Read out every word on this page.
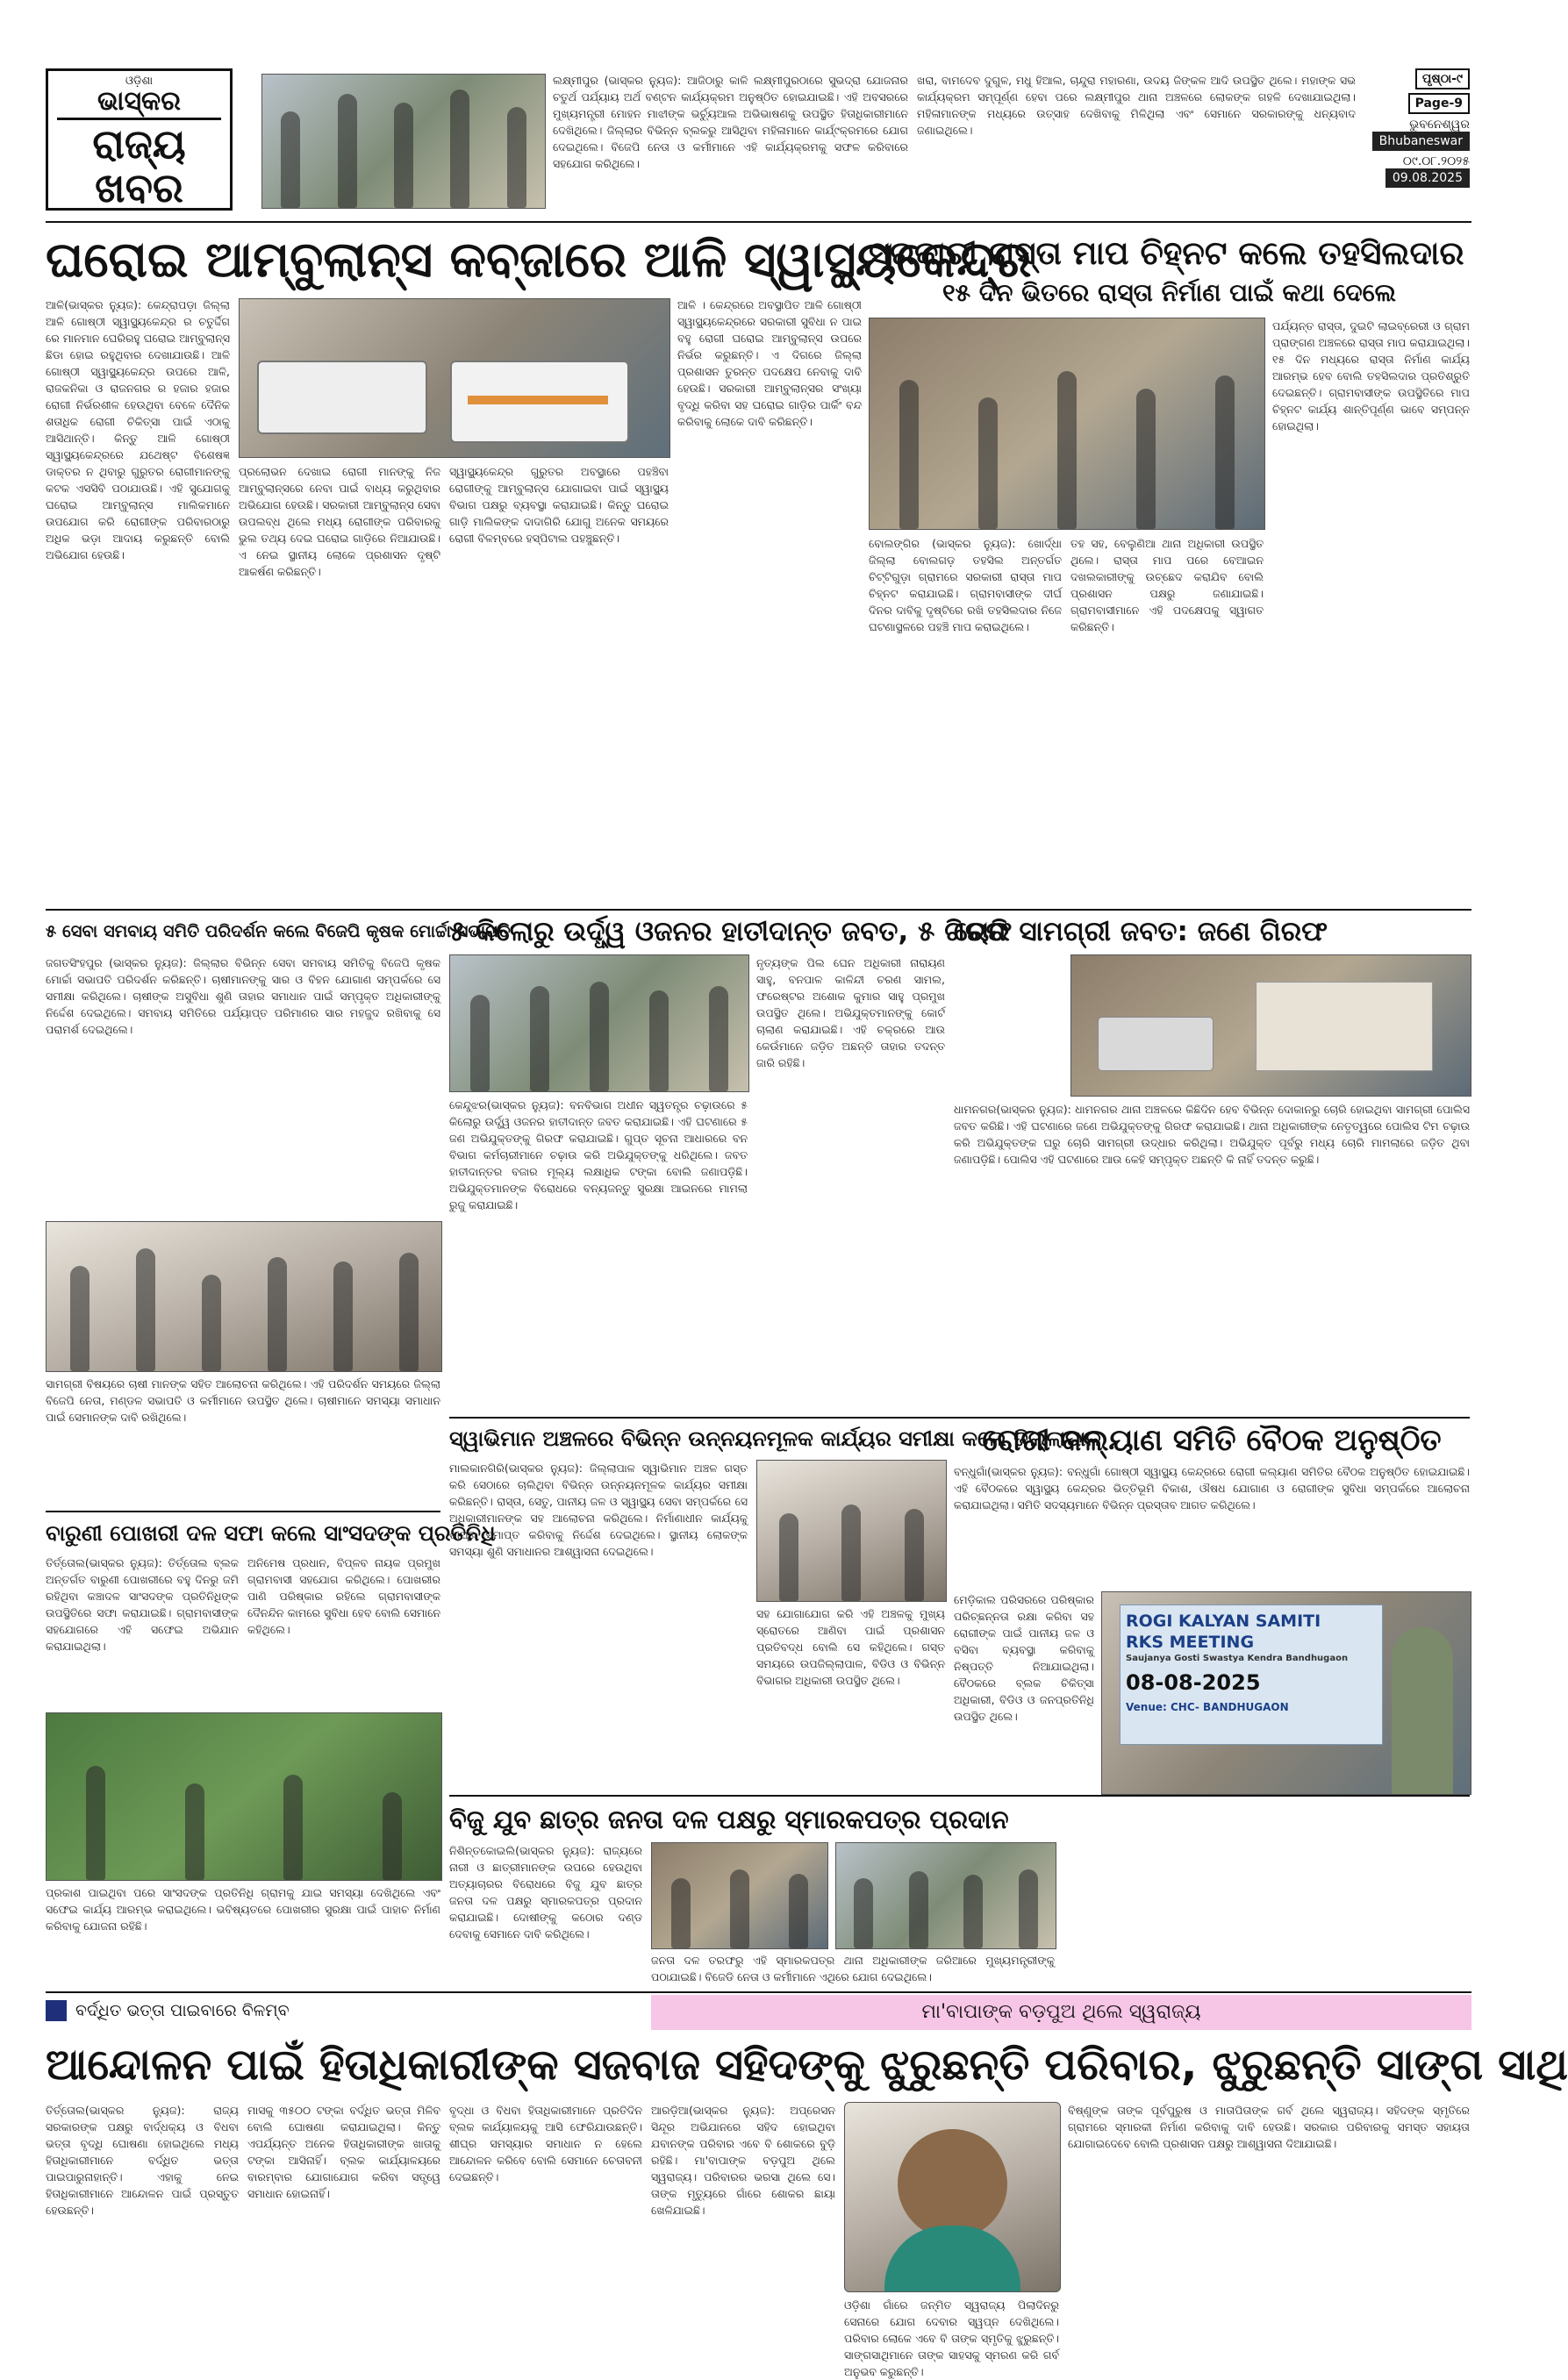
ଓଡ଼ିଶା
ଭାସ୍କର
ରାଜ୍ୟ ଖବର
ଲକ୍ଷ୍ମୀପୁର (ଭାସ୍କର ନ୍ୟୁଜ): ଆଜିଠାରୁ କାଳି ଲକ୍ଷ୍ମୀପୁରଠାରେ ସୁଭଦ୍ରା ଯୋଜନାର ଚତୁର୍ଥ ପର୍ଯ୍ୟାୟ ଅର୍ଥ ବଣ୍ଟନ କାର୍ଯ୍ୟକ୍ରମ ଅନୁଷ୍ଠିତ ହୋଇଯାଇଛି। ଏହି ଅବସରରେ ମୁଖ୍ୟମନ୍ତ୍ରୀ ମୋହନ ମାଝୀଙ୍କ ଭର୍ଚ୍ୟୁଆଲ ଅଭିଭାଷଣକୁ ଉପସ୍ଥିତ ହିତାଧିକାରୀମାନେ ଦେଖିଥିଲେ। ଜିଲ୍ଲାର ବିଭିନ୍ନ ବ୍ଲକରୁ ଆସିଥିବା ମହିଳାମାନେ କାର୍ଯ୍୯କ୍ରମରେ ଯୋଗ ଦେଇଥିଲେ। ବିଜେପି ନେତା ଓ କର୍ମୀମାନେ ଏହି କାର୍ଯ୍ୟକ୍ରମକୁ ସଫଳ କରିବାରେ ସହଯୋଗ କରିଥିଲେ।
ଖରା, ବାମଦେବ ଦୁଗୁଳ, ମଧୁ ହିଆଲ, ଚାନ୍ଦୁରା ମହାରଣା, ଉଦୟ ଜିଙ୍କଳ ଆଦି ଉପସ୍ଥିତ ଥିଲେ। ମହାଙ୍କ ସଭ କାର୍ଯ୍ୟକ୍ରମ ସମ୍ପୂର୍ଣ୍ଣ ହେବା ପରେ ଲକ୍ଷ୍ମୀପୁର ଥାନା ଅଞ୍ଚଳରେ ଲୋକଙ୍କ ଗହଳି ଦେଖାଯାଇଥିଲା। ମହିଳାମାନଙ୍କ ମଧ୍ୟରେ ଉତ୍ସାହ ଦେଖିବାକୁ ମିଳିଥିଲା ଏବଂ ସେମାନେ ସରକାରଙ୍କୁ ଧନ୍ୟବାଦ ଜଣାଇଥିଲେ।
ପୃଷ୍ଠା-୯
Page-9
ଭୁବନେଶ୍ୱର
Bhubaneswar
୦୯.୦୮.୨୦୨୫
09.08.2025
ଘରୋଇ ଆମ୍ବୁଲାନ୍ସ କବ୍ଜାରେ ଆଳି ସ୍ୱାସ୍ଥ୍ୟକେନ୍ଦ୍ର
ଆଳି(ଭାସ୍କର ନ୍ୟୁଜ): କେନ୍ଦ୍ରାପଡ଼ା ଜିଲ୍ଲା ଆଳି ଗୋଷ୍ଠୀ ସ୍ୱାସ୍ଥ୍ୟକେନ୍ଦ୍ର ର ଚତୁର୍ଦ୍ଦିଗ ରେ ମାନମାନ ଘେରିରହୁ ଘରୋଇ ଆମ୍ବୁଲାନ୍ସ ଛିଡା ହୋଇ ରହୁଥିବାର ଦେଖାଯାଉଛି। ଆଳି ଗୋଷ୍ଠୀ ସ୍ୱାସ୍ଥ୍ୟକେନ୍ଦ୍ର ଉପରେ ଆଳି, ରାଜକନିକା ଓ ରାଜନଗର ର ହଜାର ହଜାର ରୋଗୀ ନିର୍ଭରଶୀଳ ହେଉଥିବା ବେଳେ ଦୈନିକ ଶତାଧିକ ରୋଗୀ ଚିକିତ୍ସା ପାଇଁ ଏଠାକୁ ଆସିଥାନ୍ତି। କିନ୍ତୁ ଆଳି ଗୋଷ୍ଠୀ ସ୍ୱାସ୍ଥ୍ୟକେନ୍ଦ୍ରରେ ଯଥେଷ୍ଟ ବିଶେଷଜ୍ଞ ଡାକ୍ତର ନ ଥିବାରୁ ଗୁରୁତର ରୋଗୀମାନଙ୍କୁ କଟକ ଏସସିବି ପଠାଯାଉଛି। ଏହି ସୁଯୋଗକୁ ଘରୋଇ ଆମ୍ବୁଲାନ୍ସ ମାଲିକମାନେ ଉପଯୋଗ କରି ରୋଗୀଙ୍କ ପରିବାରଠାରୁ ଅଧିକ ଭଡ଼ା ଆଦାୟ କରୁଛନ୍ତି ବୋଲି ଅଭିଯୋଗ ହେଉଛି।
ପ୍ରଲୋଭନ ଦେଖାଇ ରୋଗୀ ମାନଙ୍କୁ ନିଜ ଆମ୍ବୁଲାନ୍ସରେ ନେବା ପାଇଁ ବାଧ୍ୟ କରୁଥିବାର ଅଭିଯୋଗ ହେଉଛି। ସରକାରୀ ଆମ୍ବୁଲାନ୍ସ ସେବା ଉପଲବ୍ଧ ଥିଲେ ମଧ୍ୟ ରୋଗୀଙ୍କ ପରିବାରକୁ ଭୁଲ ତଥ୍ୟ ଦେଇ ଘରୋଇ ଗାଡ଼ିରେ ନିଆଯାଉଛି। ଏ ନେଇ ସ୍ଥାନୀୟ ଲୋକେ ପ୍ରଶାସନ ଦୃଷ୍ଟି ଆକର୍ଷଣ କରିଛନ୍ତି।
ସ୍ୱାସ୍ଥ୍ୟକେନ୍ଦ୍ର ଗୁରୁତର ଅବସ୍ଥାରେ ପହଞ୍ଚିବା ରୋଗୀଙ୍କୁ ଆମ୍ବୁଲାନ୍ସ ଯୋଗାଇବା ପାଇଁ ସ୍ୱାସ୍ଥ୍ୟ ବିଭାଗ ପକ୍ଷରୁ ବ୍ୟବସ୍ଥା କରାଯାଇଛି। କିନ୍ତୁ ଘରୋଇ ଗାଡ଼ି ମାଲିକଙ୍କ ଦାଦାଗିରି ଯୋଗୁ ଅନେକ ସମୟରେ ରୋଗୀ ବିଳମ୍ବରେ ହସ୍ପିଟାଲ ପହଞ୍ଚୁଛନ୍ତି।
ଆଳି । କେନ୍ଦ୍ରରେ ଅବସ୍ଥାପିତ ଆଳି ଗୋଷ୍ଠୀ ସ୍ୱାସ୍ଥ୍ୟକେନ୍ଦ୍ରରେ ସରକାରୀ ସୁବିଧା ନ ପାଇ ବହୁ ରୋଗୀ ଘରୋଇ ଆମ୍ବୁଲାନ୍ସ ଉପରେ ନିର୍ଭର କରୁଛନ୍ତି। ଏ ଦିଗରେ ଜିଲ୍ଲା ପ୍ରଶାସନ ତୁରନ୍ତ ପଦକ୍ଷେପ ନେବାକୁ ଦାବି ହେଉଛି। ସରକାରୀ ଆମ୍ବୁଲାନ୍ସର ସଂଖ୍ୟା ବୃଦ୍ଧି କରିବା ସହ ଘରୋଇ ଗାଡ଼ିର ପାର୍କିଂ ବନ୍ଦ କରିବାକୁ ଲୋକେ ଦାବି କରିଛନ୍ତି।
ସରକାରୀ ରାସ୍ତା ମାପ ଚିହ୍ନଟ କଲେ ତହସିଲଦାର
୧୫ ଦିନ ଭିତରେ ରାସ୍ତା ନିର୍ମାଣ ପାଇଁ କଥା ଦେଲେ
ବୋଲଙ୍ଗିର (ଭାସ୍କର ନ୍ୟୁଜ): ଖୋର୍ଦ୍ଧା ଜିଲ୍ଲା ବୋଲଗଡ଼ ତହସିଲ ଅନ୍ତର୍ଗତ ଚିଟ୍ଟିଗୁଡ଼ା ଗ୍ରାମରେ ସରକାରୀ ରାସ୍ତା ମାପ ଚିହ୍ନଟ କରାଯାଇଛି। ଗ୍ରାମବାସୀଙ୍କ ଦୀର୍ଘ ଦିନର ଦାବିକୁ ଦୃଷ୍ଟିରେ ରଖି ତହସିଲଦାର ନିଜେ ଘଟଣାସ୍ଥଳରେ ପହଞ୍ଚି ମାପ କରାଇଥିଲେ।
ତହ ସହ, ବେଲୁଣିଆ ଥାନା ଅଧିକାରୀ ଉପସ୍ଥିତ ଥିଲେ। ରାସ୍ତା ମାପ ପରେ ବେଆଇନ ଦଖଲକାରୀଙ୍କୁ ଉଚ୍ଛେଦ କରାଯିବ ବୋଲି ପ୍ରଶାସନ ପକ୍ଷରୁ ଜଣାଯାଇଛି। ଗ୍ରାମବାସୀମାନେ ଏହି ପଦକ୍ଷେପକୁ ସ୍ୱାଗତ କରିଛନ୍ତି।
ପର୍ଯ୍ୟନ୍ତ ରାସ୍ତା, ଦୁଇଟି ଲାଇବ୍ରେରୀ ଓ ଗ୍ରାମ ପ୍ରାଙ୍ଗଣ ଅଞ୍ଚଳରେ ରାସ୍ତା ମାପ କରାଯାଇଥିଲା। ୧୫ ଦିନ ମଧ୍ୟରେ ରାସ୍ତା ନିର୍ମାଣ କାର୍ଯ୍ୟ ଆରମ୍ଭ ହେବ ବୋଲି ତହସିଲଦାର ପ୍ରତିଶ୍ରୁତି ଦେଇଛନ୍ତି। ଗ୍ରାମବାସୀଙ୍କ ଉପସ୍ଥିତିରେ ମାପ ଚିହ୍ନଟ କାର୍ଯ୍ୟ ଶାନ୍ତିପୂର୍ଣ୍ଣ ଭାବେ ସମ୍ପନ୍ନ ହୋଇଥିଲା।
୫ ସେବା ସମବାୟ ସମିତି ପରିଦର୍ଶନ କଲେ ବିଜେପି କୃଷକ ମୋର୍ଚ୍ଚା ସଭାପତି
ଜଗତସିଂହପୁର (ଭାସ୍କର ନ୍ୟୁଜ): ଜିଲ୍ଲାର ବିଭିନ୍ନ ସେବା ସମବାୟ ସମିତିକୁ ବିଜେପି କୃଷକ ମୋର୍ଚ୍ଚା ସଭାପତି ପରିଦର୍ଶନ କରିଛନ୍ତି। ଚାଷୀମାନଙ୍କୁ ସାର ଓ ବିହନ ଯୋଗାଣ ସମ୍ପର୍କରେ ସେ ସମୀକ୍ଷା କରିଥିଲେ। ଚାଷୀଙ୍କ ଅସୁବିଧା ଶୁଣି ତାହାର ସମାଧାନ ପାଇଁ ସମ୍ପୃକ୍ତ ଅଧିକାରୀଙ୍କୁ ନିର୍ଦ୍ଦେଶ ଦେଇଥିଲେ। ସମବାୟ ସମିତିରେ ପର୍ଯ୍ୟାପ୍ତ ପରିମାଣର ସାର ମହଜୁଦ ରଖିବାକୁ ସେ ପରାମର୍ଶ ଦେଇଥିଲେ।
ସାମଗ୍ରୀ ବିଷୟରେ ଚାଷୀ ମାନଙ୍କ ସହିତ ଆଲୋଚନା କରିଥିଲେ। ଏହି ପରିଦର୍ଶନ ସମୟରେ ଜିଲ୍ଲା ବିଜେପି ନେତା, ମଣ୍ଡଳ ସଭାପତି ଓ କର୍ମୀମାନେ ଉପସ୍ଥିତ ଥିଲେ। ଚାଷୀମାନେ ସମସ୍ୟା ସମାଧାନ ପାଇଁ ସେମାନଙ୍କ ଦାବି ରଖିଥିଲେ।
୫ କିଲୋରୁ ଉର୍ଦ୍ଧ୍ୱ ଓଜନର ହାତୀଦାନ୍ତ ଜବତ, ୫ ଗିରଫ
କେନ୍ଦୁଝର(ଭାସ୍କର ନ୍ୟୁଜ): ବନବିଭାଗ ଅଧୀନ ସ୍ୱତନ୍ତ୍ର ଚଢ଼ାଉରେ ୫ କିଲୋରୁ ଉର୍ଦ୍ଧ୍ୱ ଓଜନର ହାତୀଦାନ୍ତ ଜବତ କରାଯାଇଛି। ଏହି ଘଟଣାରେ ୫ ଜଣ ଅଭିଯୁକ୍ତଙ୍କୁ ଗିରଫ କରାଯାଇଛି। ଗୁପ୍ତ ସୂଚନା ଆଧାରରେ ବନ ବିଭାଗ କର୍ମଚାରୀମାନେ ଚଢ଼ାଉ କରି ଅଭିଯୁକ୍ତଙ୍କୁ ଧରିଥିଲେ। ଜବତ ହାତୀଦାନ୍ତର ବଜାର ମୂଲ୍ୟ ଲକ୍ଷାଧିକ ଟଙ୍କା ବୋଲି ଜଣାପଡ଼ିଛି। ଅଭିଯୁକ୍ତମାନଙ୍କ ବିରୋଧରେ ବନ୍ୟଜନ୍ତୁ ସୁରକ୍ଷା ଆଇନରେ ମାମଲା ରୁଜୁ କରାଯାଇଛି।
ନୃତ୍ୟଙ୍କ ପିଲ ଘେନ ଅଧିକାରୀ ନାରାୟଣ ସାହୁ, ବନପାଳ କାଳିନ୍ଦୀ ଚରଣ ସାମଲ, ଫରେଷ୍ଟର ଅଶୋକ କୁମାର ସାହୁ ପ୍ରମୁଖ ଉପସ୍ଥିତ ଥିଲେ। ଅଭିଯୁକ୍ତମାନଙ୍କୁ କୋର୍ଟ ଚାଲାଣ କରାଯାଇଛି। ଏହି ଚକ୍ରରେ ଆଉ କେଉଁମାନେ ଜଡ଼ିତ ଅଛନ୍ତି ତାହାର ତଦନ୍ତ ଜାରି ରହିଛି।
ଚୋରି ସାମଗ୍ରୀ ଜବତ: ଜଣେ ଗିରଫ
ଧାମନଗର(ଭାସ୍କର ନ୍ୟୁଜ): ଧାମନଗର ଥାନା ଅଞ୍ଚଳରେ କିଛିଦିନ ହେବ ବିଭିନ୍ନ ଦୋକାନରୁ ଚୋରି ହୋଇଥିବା ସାମଗ୍ରୀ ପୋଲିସ ଜବତ କରିଛି। ଏହି ଘଟଣାରେ ଜଣେ ଅଭିଯୁକ୍ତଙ୍କୁ ଗିରଫ କରାଯାଇଛି। ଥାନା ଅଧିକାରୀଙ୍କ ନେତୃତ୍ୱରେ ପୋଲିସ ଟିମ ଚଢ଼ାଉ କରି ଅଭିଯୁକ୍ତଙ୍କ ଘରୁ ଚୋରି ସାମଗ୍ରୀ ଉଦ୍ଧାର କରିଥିଲା। ଅଭିଯୁକ୍ତ ପୂର୍ବରୁ ମଧ୍ୟ ଚୋରି ମାମଲାରେ ଜଡ଼ିତ ଥିବା ଜଣାପଡ଼ିଛି। ପୋଲିସ ଏହି ଘଟଣାରେ ଆଉ କେହି ସମ୍ପୃକ୍ତ ଅଛନ୍ତି କି ନାହିଁ ତଦନ୍ତ କରୁଛି।
ସ୍ୱାଭିମାନ ଅଞ୍ଚଳରେ ବିଭିନ୍ନ ଉନ୍ନୟନମୂଳକ କାର୍ଯ୍ୟର ସମୀକ୍ଷା କଲେ ଜିଲ୍ଲାପାଳ
ମାଲକାନଗିରି(ଭାସ୍କର ନ୍ୟୁଜ): ଜିଲ୍ଲାପାଳ ସ୍ୱାଭିମାନ ଅଞ୍ଚଳ ଗସ୍ତ କରି ସେଠାରେ ଚାଲିଥିବା ବିଭିନ୍ନ ଉନ୍ନୟନମୂଳକ କାର୍ଯ୍ୟର ସମୀକ୍ଷା କରିଛନ୍ତି। ରାସ୍ତା, ସେତୁ, ପାନୀୟ ଜଳ ଓ ସ୍ୱାସ୍ଥ୍ୟ ସେବା ସମ୍ପର୍କରେ ସେ ଅଧିକାରୀମାନଙ୍କ ସହ ଆଲୋଚନା କରିଥିଲେ। ନିର୍ମାଣାଧୀନ କାର୍ଯ୍ୟକୁ ଶୀଘ୍ର ସମାପ୍ତ କରିବାକୁ ନିର୍ଦ୍ଦେଶ ଦେଇଥିଲେ। ସ୍ଥାନୀୟ ଲୋକଙ୍କ ସମସ୍ୟା ଶୁଣି ସମାଧାନର ଆଶ୍ୱାସନା ଦେଇଥିଲେ।
ସହ ଯୋଗାଯୋଗ କରି ଏହି ଅଞ୍ଚଳକୁ ମୁଖ୍ୟ ସ୍ରୋତରେ ଆଣିବା ପାଇଁ ପ୍ରଶାସନ ପ୍ରତିବଦ୍ଧ ବୋଲି ସେ କହିଥିଲେ। ଗସ୍ତ ସମୟରେ ଉପଜିଲ୍ଲାପାଳ, ବିଡିଓ ଓ ବିଭିନ୍ନ ବିଭାଗର ଅଧିକାରୀ ଉପସ୍ଥିତ ଥିଲେ।
ରୋଗୀ କଲ୍ୟାଣ ସମିତି ବୈଠକ ଅନୁଷ୍ଠିତ
ବନ୍ଧୁଗାଁ(ଭାସ୍କର ନ୍ୟୁଜ): ବନ୍ଧୁଗାଁ ଗୋଷ୍ଠୀ ସ୍ୱାସ୍ଥ୍ୟ କେନ୍ଦ୍ରରେ ରୋଗୀ କଲ୍ୟାଣ ସମିତିର ବୈଠକ ଅନୁଷ୍ଠିତ ହୋଇଯାଇଛି। ଏହି ବୈଠକରେ ସ୍ୱାସ୍ଥ୍ୟ କେନ୍ଦ୍ରର ଭିତ୍ତିଭୂମି ବିକାଶ, ଔଷଧ ଯୋଗାଣ ଓ ରୋଗୀଙ୍କ ସୁବିଧା ସମ୍ପର୍କରେ ଆଲୋଚନା କରାଯାଇଥିଲା। ସମିତି ସଦସ୍ୟମାନେ ବିଭିନ୍ନ ପ୍ରସ୍ତାବ ଆଗତ କରିଥିଲେ।
ROGI KALYAN SAMITI
RKS MEETING
Saujanya Gosti Swastya Kendra Bandhugaon
08-08-2025
Venue: CHC- BANDHUGAON
ମେଡ଼ିକାଲ ପରିସରରେ ପରିଷ୍କାର ପରିଚ୍ଛନ୍ନତା ରକ୍ଷା କରିବା ସହ ରୋଗୀଙ୍କ ପାଇଁ ପାନୀୟ ଜଳ ଓ ବସିବା ବ୍ୟବସ୍ଥା କରିବାକୁ ନିଷ୍ପତ୍ତି ନିଆଯାଇଥିଲା। ବୈଠକରେ ବ୍ଲକ ଚିକିତ୍ସା ଅଧିକାରୀ, ବିଡିଓ ଓ ଜନପ୍ରତିନିଧି ଉପସ୍ଥିତ ଥିଲେ।
ବାରୁଣୀ ପୋଖରୀ ଦଳ ସଫା କଲେ ସାଂସଦଙ୍କ ପ୍ରତିନିଧି
ତିର୍ତ୍ତୋଲ(ଭାସ୍କର ନ୍ୟୁଜ): ତିର୍ତ୍ତୋଲ ବ୍ଲକ ଅନ୍ତର୍ଗତ ବାରୁଣୀ ପୋଖରୀରେ ବହୁ ଦିନରୁ ଜମି ରହିଥିବା କଞ୍ଚାଦଳ ସାଂସଦଙ୍କ ପ୍ରତିନିଧିଙ୍କ ଉପସ୍ଥିତିରେ ସଫା କରାଯାଇଛି। ଗ୍ରାମବାସୀଙ୍କ ସହଯୋଗରେ ଏହି ସଫେଇ ଅଭିଯାନ କରାଯାଇଥିଲା।
ଅନିମେଷ ପ୍ରଧାନ, ବିପ୍ଳବ ନାୟକ ପ୍ରମୁଖ ଗ୍ରାମବାସୀ ସହଯୋଗ କରିଥିଲେ। ପୋଖରୀର ପାଣି ପରିଷ୍କାର ରହିଲେ ଗ୍ରାମବାସୀଙ୍କ ଦୈନନ୍ଦିନ କାମରେ ସୁବିଧା ହେବ ବୋଲି ସେମାନେ କହିଥିଲେ।
ପ୍ରକାଶ ପାଇଥିବା ପରେ ସାଂସଦଙ୍କ ପ୍ରତିନିଧି ଗ୍ରାମକୁ ଯାଇ ସମସ୍ୟା ଦେଖିଥିଲେ ଏବଂ ସଫେଇ କାର୍ଯ୍ୟ ଆରମ୍ଭ କରାଇଥିଲେ। ଭବିଷ୍ୟତରେ ପୋଖରୀର ସୁରକ୍ଷା ପାଇଁ ପାହାଚ ନିର୍ମାଣ କରିବାକୁ ଯୋଜନା ରହିଛି।
ବିଜୁ ଯୁବ ଛାତ୍ର ଜନତା ଦଳ ପକ୍ଷରୁ ସ୍ମାରକପତ୍ର ପ୍ରଦାନ
ନିଶିନ୍ତକୋଇଲି(ଭାସ୍କର ନ୍ୟୁଜ): ରାଜ୍ୟରେ ନାରୀ ଓ ଛାତ୍ରୀମାନଙ୍କ ଉପରେ ହେଉଥିବା ଅତ୍ୟାଚାରର ବିରୋଧରେ ବିଜୁ ଯୁବ ଛାତ୍ର ଜନତା ଦଳ ପକ୍ଷରୁ ସ୍ମାରକପତ୍ର ପ୍ରଦାନ କରାଯାଇଛି। ଦୋଷୀଙ୍କୁ କଠୋର ଦଣ୍ଡ ଦେବାକୁ ସେମାନେ ଦାବି କରିଥିଲେ।
ଜନତା ଦଳ ତରଫରୁ ଏହି ସ୍ମାରକପତ୍ର ଥାନା ଅଧିକାରୀଙ୍କ ଜରିଆରେ ମୁଖ୍ୟମନ୍ତ୍ରୀଙ୍କୁ ପଠାଯାଇଛି। ବିଜେଡି ନେତା ଓ କର୍ମୀମାନେ ଏଥିରେ ଯୋଗ ଦେଇଥିଲେ।
ବର୍ଦ୍ଧିତ ଭତ୍ତା ପାଇବାରେ ବିଳମ୍ବ	ମା'ବାପାଙ୍କ ବଡ଼ପୁଅ ଥିଲେ ସ୍ୱରାଜ୍ୟ
ଆନ୍ଦୋଳନ ପାଇଁ ହିତାଧିକାରୀଙ୍କ ସଜବାଜ ସହିଦଙ୍କୁ ଝୁରୁଛନ୍ତି ପରିବାର, ଝୁରୁଛନ୍ତି ସାଙ୍ଗ ସାଥି
ତିର୍ତ୍ତୋଲ(ଭାସ୍କର ନ୍ୟୁଜ): ରାଜ୍ୟ ସରକାରଙ୍କ ପକ୍ଷରୁ ବାର୍ଦ୍ଧକ୍ୟ ଓ ବିଧବା ଭତ୍ତା ବୃଦ୍ଧି ଘୋଷଣା ହୋଇଥିଲେ ମଧ୍ୟ ହିତାଧିକାରୀମାନେ ବର୍ଦ୍ଧିତ ଭତ୍ତା ପାଇପାରୁନାହାନ୍ତି। ଏହାକୁ ନେଇ ହିତାଧିକାରୀମାନେ ଆନ୍ଦୋଳନ ପାଇଁ ପ୍ରସ୍ତୁତ ହେଉଛନ୍ତି।
ମାସକୁ ୩୫୦୦ ଟଙ୍କା ବର୍ଦ୍ଧିତ ଭତ୍ତା ମିଳିବ ବୋଲି ଘୋଷଣା କରାଯାଇଥିଲା। କିନ୍ତୁ ଏପର୍ଯ୍ୟନ୍ତ ଅନେକ ହିତାଧିକାରୀଙ୍କ ଖାତାକୁ ଟଙ୍କା ଆସିନାହିଁ। ବ୍ଲକ କାର୍ଯ୍ୟାଳୟରେ ବାରମ୍ବାର ଯୋଗାଯୋଗ କରିବା ସତ୍ତ୍ୱେ ସମାଧାନ ହୋଇନାହିଁ।
ବୃଦ୍ଧା ଓ ବିଧବା ହିତାଧିକାରୀମାନେ ପ୍ରତିଦିନ ବ୍ଲକ କାର୍ଯ୍ୟାଳୟକୁ ଆସି ଫେରିଯାଉଛନ୍ତି। ଶୀଘ୍ର ସମସ୍ୟାର ସମାଧାନ ନ ହେଲେ ଆନ୍ଦୋଳନ କରିବେ ବୋଲି ସେମାନେ ଚେତାବନୀ ଦେଇଛନ୍ତି।
ଆରଡ଼ିଆ(ଭାସ୍କର ନ୍ୟୁଜ): ଅପ୍ରେସନ ସିନ୍ଦୂର ଅଭିଯାନରେ ସହିଦ ହୋଇଥିବା ଯବାନଙ୍କ ପରିବାର ଏବେ ବି ଶୋକରେ ବୁଡ଼ି ରହିଛି। ମା'ବାପାଙ୍କ ବଡ଼ପୁଅ ଥିଲେ ସ୍ୱରାଜ୍ୟ। ପରିବାରର ଭରସା ଥିଲେ ସେ। ତାଙ୍କ ମୃତ୍ୟୁରେ ଗାଁରେ ଶୋକର ଛାୟା ଖେଳିଯାଇଛି।
ଓଡ଼ିଶା ଗାଁରେ ଜନ୍ମିତ ସ୍ୱରାଜ୍ୟ ପିଲାଦିନରୁ ସେନାରେ ଯୋଗ ଦେବାର ସ୍ୱପ୍ନ ଦେଖିଥିଲେ। ପରିବାର ଲୋକେ ଏବେ ବି ତାଙ୍କ ସ୍ମୃତିକୁ ଝୁରୁଛନ୍ତି। ସାଙ୍ଗସାଥିମାନେ ତାଙ୍କ ସାହସକୁ ସ୍ମରଣ କରି ଗର୍ବ ଅନୁଭବ କରୁଛନ୍ତି।
ବିଷ୍ଣୁଙ୍କ ତାଙ୍କ ପୂର୍ବପୁରୁଷ ଓ ମାତାପିତାଙ୍କ ଗର୍ବ ଥିଲେ ସ୍ୱରାଜ୍ୟ। ସହିଦଙ୍କ ସ୍ମୃତିରେ ଗ୍ରାମରେ ସ୍ମାରକୀ ନିର୍ମାଣ କରିବାକୁ ଦାବି ହେଉଛି। ସରକାର ପରିବାରକୁ ସମସ୍ତ ସହାୟତା ଯୋଗାଇଦେବେ ବୋଲି ପ୍ରଶାସନ ପକ୍ଷରୁ ଆଶ୍ୱାସନା ଦିଆଯାଇଛି।
